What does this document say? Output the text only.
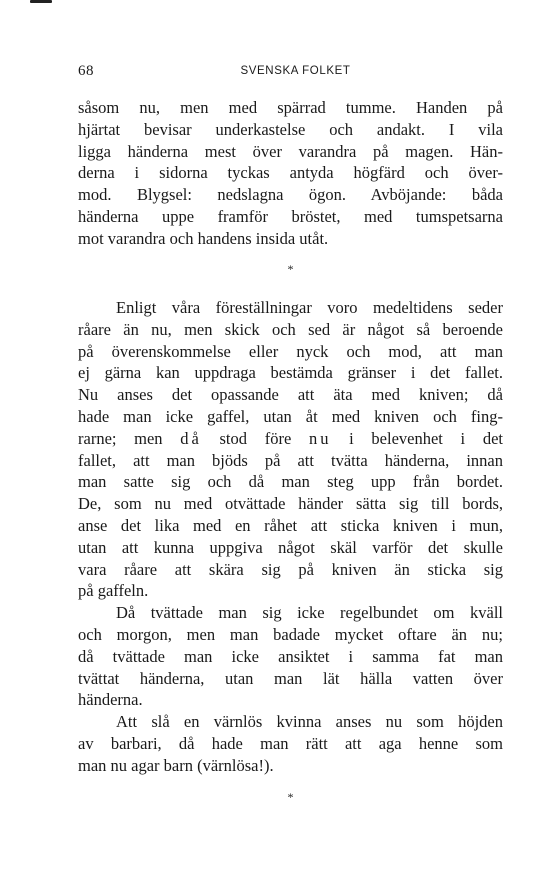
68	SVENSKA FOLKET
såsom nu, men med spärrad tumme. Handen på
hjärtat bevisar underkastelse och andakt. I vila
ligga händerna mest över varandra på magen. Hän-
derna i sidorna tyckas antyda högfärd och över-
mod. Blygsel: nedslagna ögon. Avböjande: båda
händerna uppe framför bröstet, med tumspetsarna
mot varandra och handens insida utåt.
*
Enligt våra föreställningar voro medeltidens seder
råare än nu, men skick och sed är något så beroende
på överenskommelse eller nyck och mod, att man
ej gärna kan uppdraga bestämda gränser i det fallet.
Nu anses det opassande att äta med kniven; då
hade man icke gaffel, utan åt med kniven och fing-
rarne; men då stod före nu i belevenhet i det
fallet, att man bjöds på att tvätta händerna, innan
man satte sig och då man steg upp från bordet.
De, som nu med otvättade händer sätta sig till bords,
anse det lika med en råhet att sticka kniven i mun,
utan att kunna uppgiva något skäl varför det skulle
vara råare att skära sig på kniven än sticka sig
på gaffeln.
Då tvättade man sig icke regelbundet om kväll
och morgon, men man badade mycket oftare än nu;
då tvättade man icke ansiktet i samma fat man
tvättat händerna, utan man lät hälla vatten över
händerna.
Att slå en värnlös kvinna anses nu som höjden
av barbari, då hade man rätt att aga henne som
man nu agar barn (värnlösa!).
*
